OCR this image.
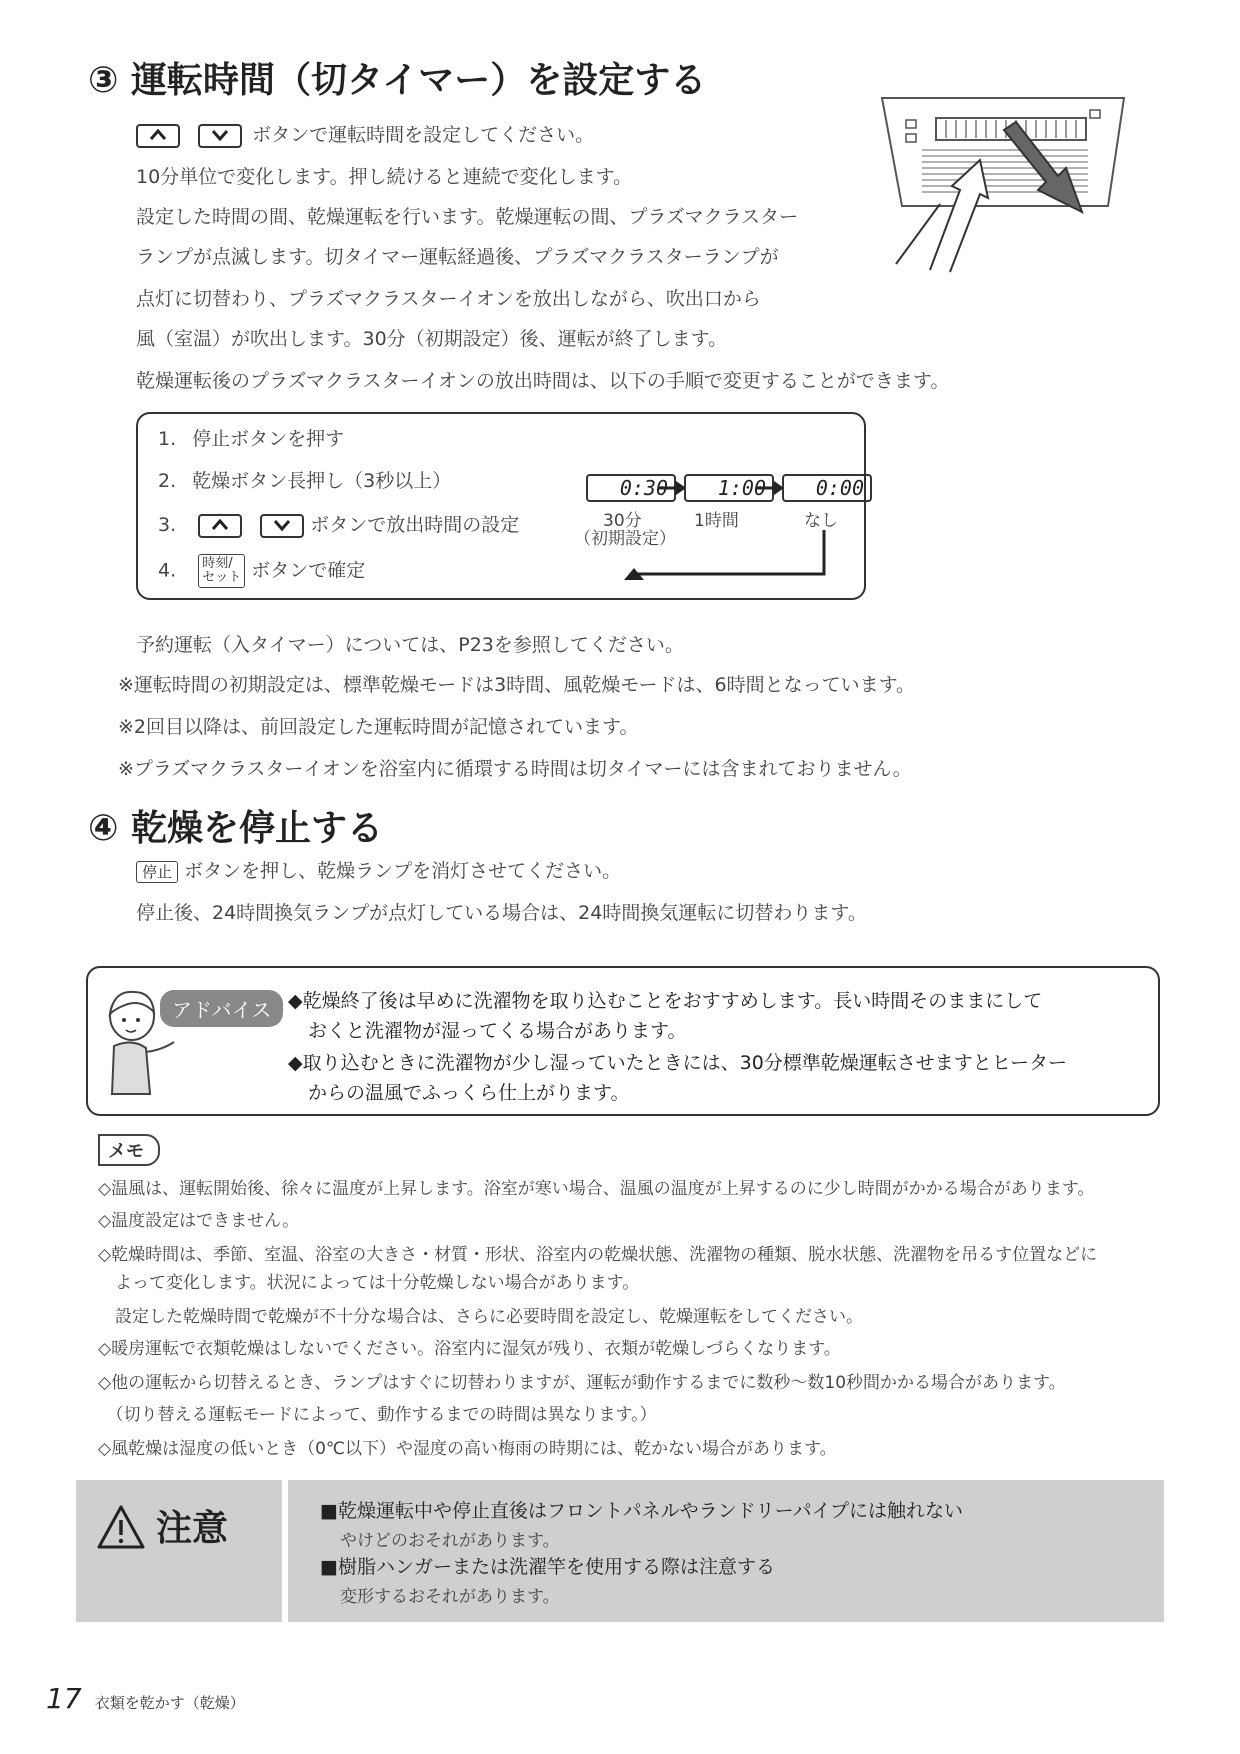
③ 運転時間（切タイマー）を設定する

ボタンで運転時間を設定してください。
10分単位で変化します。押し続けると連続で変化します。
設定した時間の間、乾燥運転を行います。乾燥運転の間、プラズマクラスター
ランプが点滅します。切タイマー運転経過後、プラズマクラスターランプが
点灯に切替わり、プラズマクラスターイオンを放出しながら、吹出口から
風（室温）が吹出します。30分（初期設定）後、運転が終了します。
乾燥運転後のプラズマクラスターイオンの放出時間は、以下の手順で変更することができます。
1. 停止ボタンを押す
2. 乾燥ボタン長押し（3秒以上）
3.
	ボタンで放出時間の設定
4. 時刻/
セット ボタンで確定
0:30	1:00	0:00
30分
（初期設定）
1時間	なし
予約運転（入タイマー）については、P23を参照してください。
※運転時間の初期設定は、標準乾燥モードは3時間、風乾燥モードは、6時間となっています。
※2回目以降は、前回設定した運転時間が記憶されています。
※プラズマクラスターイオンを浴室内に循環する時間は切タイマーには含まれておりません。
④ 乾燥を停止する
停止 ボタンを押し、乾燥ランプを消灯させてください。
停止後、24時間換気ランプが点灯している場合は、24時間換気運転に切替わります。
アドバイス ◆乾燥終了後は早めに洗濯物を取り込むことをおすすめします。長い時間そのままにして
おくと洗濯物が湿ってくる場合があります。
◆取り込むときに洗濯物が少し湿っていたときには、30分標準乾燥運転させますとヒーター
からの温風でふっくら仕上がります。
メモ
◇温風は、運転開始後、徐々に温度が上昇します。浴室が寒い場合、温風の温度が上昇するのに少し時間がかかる場合があります。
◇温度設定はできません。
◇乾燥時間は、季節、室温、浴室の大きさ・材質・形状、浴室内の乾燥状態、洗濯物の種類、脱水状態、洗濯物を吊るす位置などに
　よって変化します。状況によっては十分乾燥しない場合があります。
　設定した乾燥時間で乾燥が不十分な場合は、さらに必要時間を設定し、乾燥運転をしてください。
◇暖房運転で衣類乾燥はしないでください。浴室内に湿気が残り、衣類が乾燥しづらくなります。
◇他の運転から切替えるとき、ランプはすぐに切替わりますが、運転が動作するまでに数秒～数10秒間かかる場合があります。
　（切り替える運転モードによって、動作するまでの時間は異なります。）
◇風乾燥は湿度の低いとき（0℃以下）や湿度の高い梅雨の時期には、乾かない場合があります。
注意	■乾燥運転中や停止直後はフロントパネルやランドリーパイプには触れない
やけどのおそれがあります。
■樹脂ハンガーまたは洗濯竿を使用する際は注意する
変形するおそれがあります。
17 衣類を乾かす（乾燥）
